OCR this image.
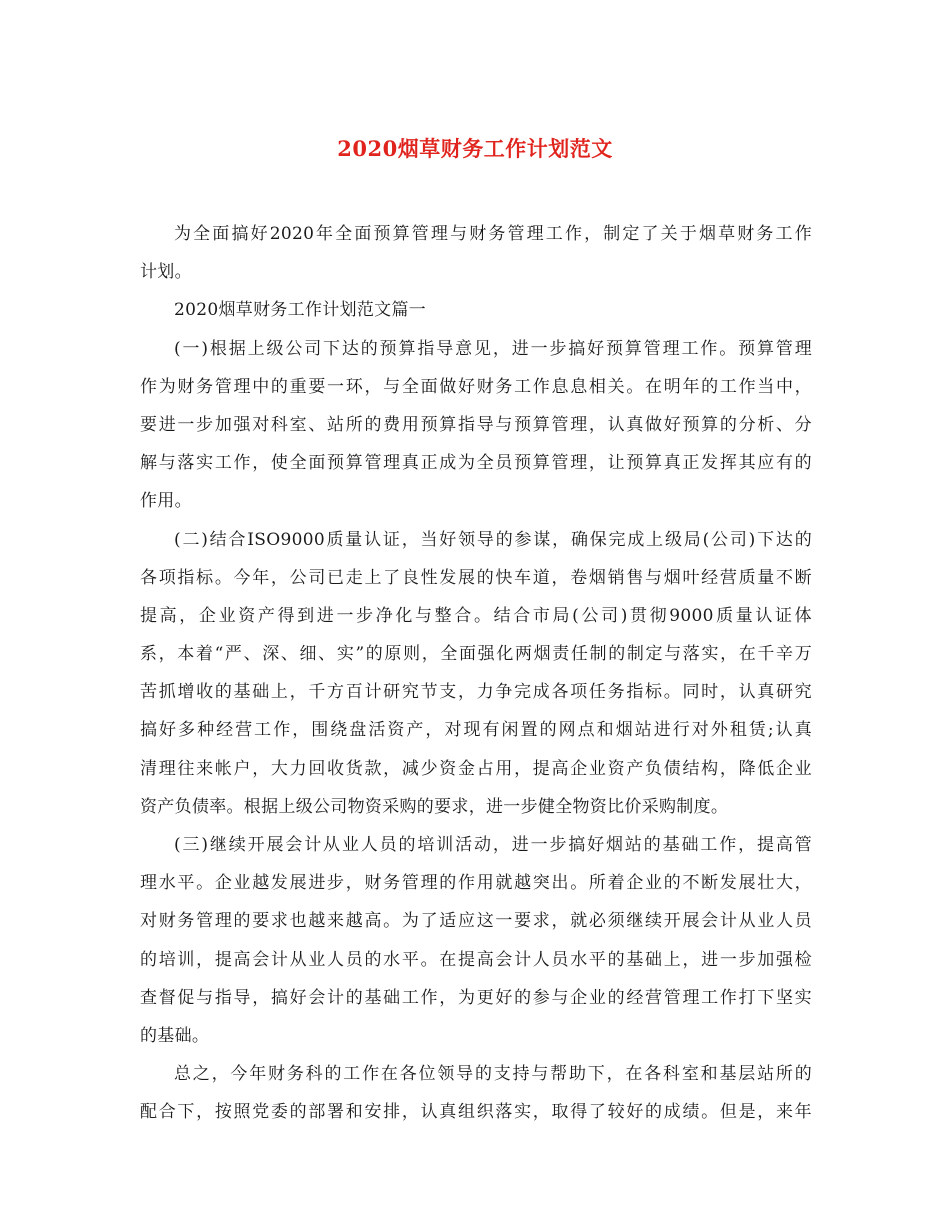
2020烟草财务工作计划范文
为全面搞好2020年全面预算管理与财务管理工作，制定了关于烟草财务工作
计划。
2020烟草财务工作计划范文篇一
(一)根据上级公司下达的预算指导意见，进一步搞好预算管理工作。预算管理
作为财务管理中的重要一环，与全面做好财务工作息息相关。在明年的工作当中，
要进一步加强对科室、站所的费用预算指导与预算管理，认真做好预算的分析、分
解与落实工作，使全面预算管理真正成为全员预算管理，让预算真正发挥其应有的
作用。
(二)结合ISO9000质量认证，当好领导的参谋，确保完成上级局(公司)下达的
各项指标。今年，公司已走上了良性发展的快车道，卷烟销售与烟叶经营质量不断
提高，企业资产得到进一步净化与整合。结合市局(公司)贯彻9000质量认证体
系，本着“严、深、细、实”的原则，全面强化两烟责任制的制定与落实，在千辛万
苦抓增收的基础上，千方百计研究节支，力争完成各项任务指标。同时，认真研究
搞好多种经营工作，围绕盘活资产，对现有闲置的网点和烟站进行对外租赁;认真
清理往来帐户，大力回收货款，减少资金占用，提高企业资产负债结构，降低企业
资产负债率。根据上级公司物资采购的要求，进一步健全物资比价采购制度。
(三)继续开展会计从业人员的培训活动，进一步搞好烟站的基础工作，提高管
理水平。企业越发展进步，财务管理的作用就越突出。所着企业的不断发展壮大，
对财务管理的要求也越来越高。为了适应这一要求，就必须继续开展会计从业人员
的培训，提高会计从业人员的水平。在提高会计人员水平的基础上，进一步加强检
查督促与指导，搞好会计的基础工作，为更好的参与企业的经营管理工作打下坚实
的基础。
总之，今年财务科的工作在各位领导的支持与帮助下，在各科室和基层站所的
配合下，按照党委的部署和安排，认真组织落实，取得了较好的成绩。但是，来年
